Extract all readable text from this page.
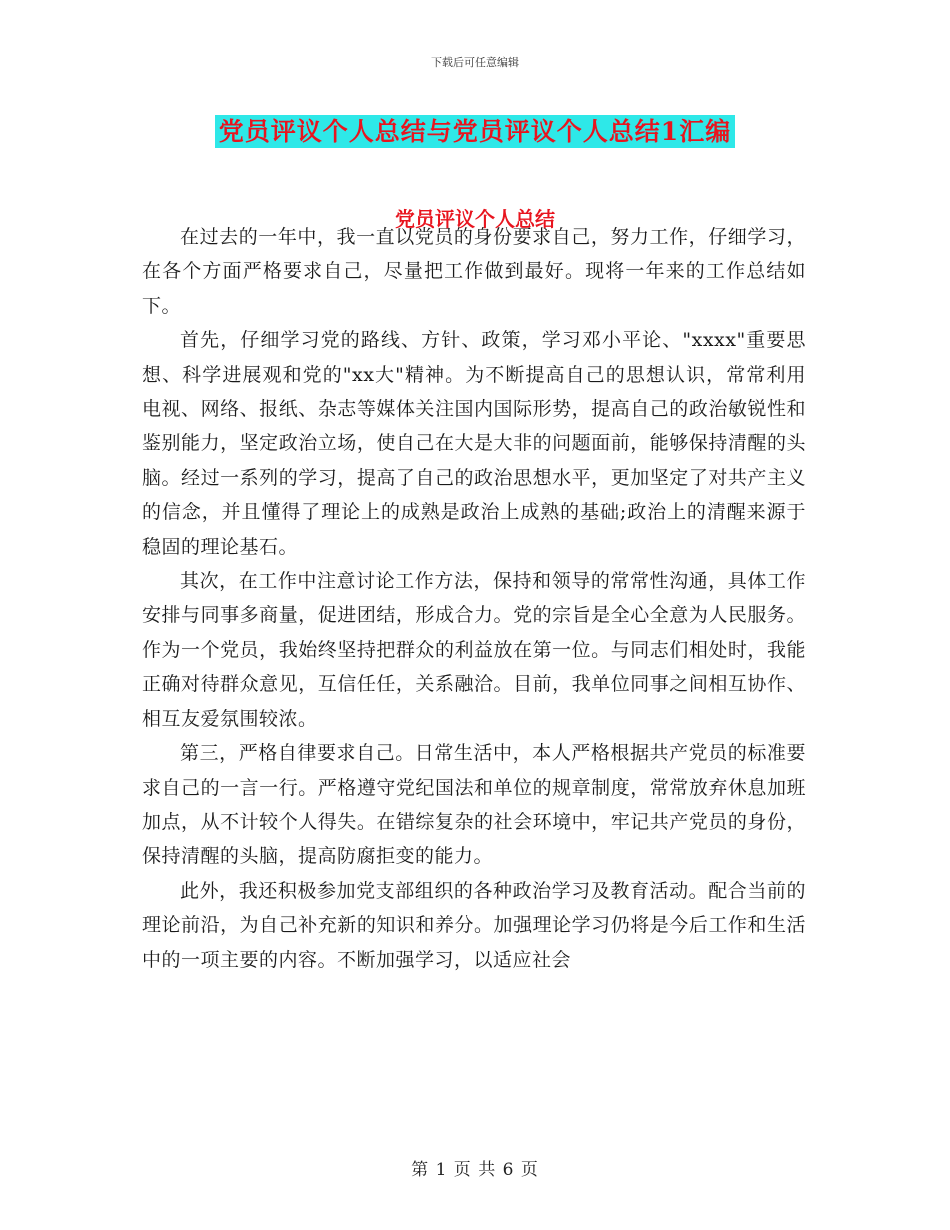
下载后可任意编辑
党员评议个人总结与党员评议个人总结1汇编
党员评议个人总结

在过去的一年中，我一直以党员的身份要求自己，努力工作，仔细学习，在各个方面严格要求自己，尽量把工作做到最好。现将一年来的工作总结如下。

首先，仔细学习党的路线、方针、政策，学习邓小平论、"xxxx"重要思想、科学进展观和党的"xx大"精神。为不断提高自己的思想认识，常常利用电视、网络、报纸、杂志等媒体关注国内国际形势，提高自己的政治敏锐性和鉴别能力，坚定政治立场，使自己在大是大非的问题面前，能够保持清醒的头脑。经过一系列的学习，提高了自己的政治思想水平，更加坚定了对共产主义的信念，并且懂得了理论上的成熟是政治上成熟的基础;政治上的清醒来源于稳固的理论基石。

其次，在工作中注意讨论工作方法，保持和领导的常常性沟通，具体工作安排与同事多商量，促进团结，形成合力。党的宗旨是全心全意为人民服务。作为一个党员，我始终坚持把群众的利益放在第一位。与同志们相处时，我能正确对待群众意见，互信任任，关系融洽。目前，我单位同事之间相互协作、相互友爱氛围较浓。

第三，严格自律要求自己。日常生活中，本人严格根据共产党员的标准要求自己的一言一行。严格遵守党纪国法和单位的规章制度，常常放弃休息加班加点，从不计较个人得失。在错综复杂的社会环境中，牢记共产党员的身份，保持清醒的头脑，提高防腐拒变的能力。

此外，我还积极参加党支部组织的各种政治学习及教育活动。配合当前的理论前沿，为自己补充新的知识和养分。加强理论学习仍将是今后工作和生活中的一项主要的内容。不断加强学习，以适应社会

第 1 页 共 6 页
